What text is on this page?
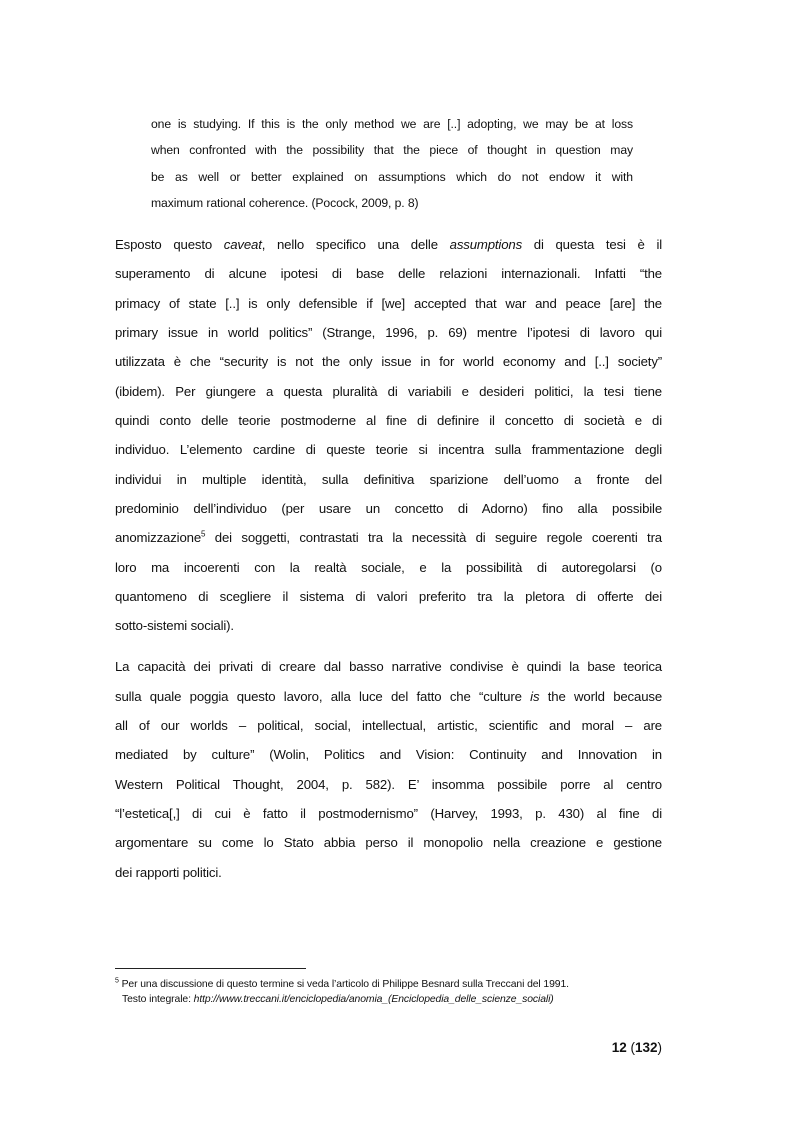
one is studying. If this is the only method we are [..] adopting, we may be at loss
when confronted with the possibility that the piece of thought in question may
be as well or better explained on assumptions which do not endow it with
maximum rational coherence. (Pocock, 2009, p. 8)
Esposto questo caveat, nello specifico una delle assumptions di questa tesi è il
superamento di alcune ipotesi di base delle relazioni internazionali. Infatti “the
primacy of state [..] is only defensible if [we] accepted that war and peace [are] the
primary issue in world politics” (Strange, 1996, p. 69) mentre l’ipotesi di lavoro qui
utilizzata è che “security is not the only issue in for world economy and [..] society”
(ibidem). Per giungere a questa pluralità di variabili e desideri politici, la tesi tiene
quindi conto delle teorie postmoderne al fine di definire il concetto di società e di
individuo. L’elemento cardine di queste teorie si incentra sulla frammentazione degli
individui in multiple identità, sulla definitiva sparizione dell’uomo a fronte del
predominio dell’individuo (per usare un concetto di Adorno) fino alla possibile
anomizzazione$^5$ dei soggetti, contrastati tra la necessità di seguire regole coerenti tra
loro ma incoerenti con la realtà sociale, e la possibilità di autoregolarsi (o
quantomeno di scegliere il sistema di valori preferito tra la pletora di offerte dei
sotto-sistemi sociali).
La capacità dei privati di creare dal basso narrative condivise è quindi la base teorica
sulla quale poggia questo lavoro, alla luce del fatto che “culture is the world because
all of our worlds – political, social, intellectual, artistic, scientific and moral – are
mediated by culture” (Wolin, Politics and Vision: Continuity and Innovation in
Western Political Thought, 2004, p. 582). E’ insomma possibile porre al centro
“l’estetica[,] di cui è fatto il postmodernismo” (Harvey, 1993, p. 430) al fine di
argomentare su come lo Stato abbia perso il monopolio nella creazione e gestione
dei rapporti politici.
$^5$ Per una discussione di questo termine si veda l’articolo di Philippe Besnard sulla Treccani del 1991.
Testo integrale: http://www.treccani.it/enciclopedia/anomia_(Enciclopedia_delle_scienze_sociali)
12 (132)
